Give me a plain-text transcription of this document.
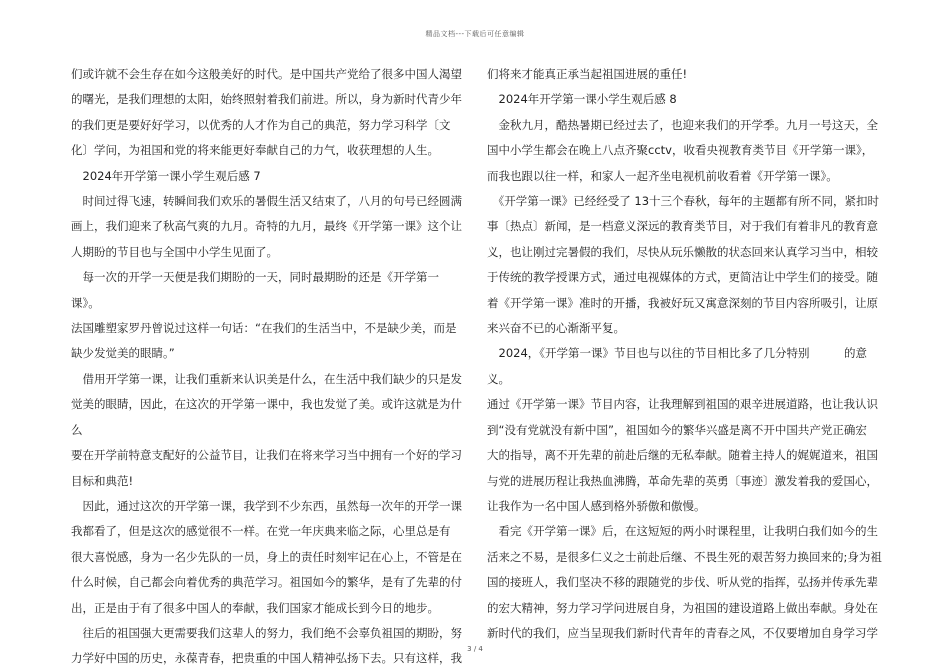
精品文档---下载后可任意编辑

们或许就不会生存在如今这般美好的时代。是中国共产党给了很多中国人渴望

的曙光，是我们理想的太阳，始终照射着我们前进。所以，身为新时代青少年

的我们更是要好好学习，以优秀的人才作为自己的典范，努力学习科学〔文

化〕学问，为祖国和党的将来能更好奉献自己的力气，收获理想的人生。

　2024年开学第一课小学生观后感 7

　时间过得飞速，转瞬间我们欢乐的暑假生活又结束了，八月的句号已经圆满

画上，我们迎来了秋高气爽的九月。奇特的九月，最终《开学第一课》这个让

人期盼的节目也与全国中小学生见面了。

　每一次的开学一天便是我们期盼的一天，同时最期盼的还是《开学第一课》。

法国雕塑家罗丹曾说过这样一句话：“在我们的生活当中，不是缺少美，而是

缺少发觉美的眼睛。”

　借用开学第一课，让我们重新来认识美是什么，在生活中我们缺少的只是发

觉美的眼睛，因此，在这次的开学第一课中，我也发觉了美。或许这就是为什么

要在开学前特意支配好的公益节目，让我们在将来学习当中拥有一个好的学习

目标和典范!

　因此，通过这次的开学第一课，我学到不少东西，虽然每一次年的开学一课

我都看了，但是这次的感觉很不一样。在党一年庆典来临之际，心里总是有

很大喜悦感，身为一名少先队的一员，身上的责任时刻牢记在心上，不管是在

什么时候，自己都会向着优秀的典范学习。祖国如今的繁华，是有了先辈的付

出，正是由于有了很多中国人的奉献，我们国家才能成长到今日的地步。

　往后的祖国强大更需要我们这辈人的努力，我们绝不会辜负祖国的期盼，努

力学好中国的历史，永葆青春，把贵重的中国人精神弘扬下去。只有这样，我

们将来才能真正承当起祖国进展的重任!

　2024年开学第一课小学生观后感 8

　金秋九月，酷热暑期已经过去了，也迎来我们的开学季。九月一号这天，全

国中小学生都会在晚上八点齐聚cctv，收看央视教育类节目《开学第一课》，

而我也跟以往一样，和家人一起齐坐电视机前收看着《开学第一课》。

　《开学第一课》已经经受了 13十三个春秋，每年的主题都有所不同，紧扣时

事〔热点〕新闻，是一档意义深远的教育类节目，对于我们有着非凡的教育意

义，也让刚过完暑假的我们，尽快从玩乐懒散的状态回来认真学习当中，相较

于传统的教学授课方式，通过电视媒体的方式，更简洁让中学生们的接受。随

着《开学第一课》准时的开播，我被好玩又寓意深刻的节目内容所吸引，让原

来兴奋不已的心渐渐平复。

　2024，《开学第一课》节目也与以往的节目相比多了几分特别　　　的意义。

通过《开学第一课》节目内容，让我理解到祖国的艰辛进展道路，也让我认识

到“没有党就没有新中国”，祖国如今的繁华兴盛是离不开中国共产党正确宏

大的指导，离不开先辈的前赴后继的无私奉献。随着主持人的娓娓道来，祖国

与党的进展历程让我热血沸腾，革命先辈的英勇〔事迹〕激发着我的爱国心，

让我作为一名中国人感到格外骄傲和傲慢。

　看完《开学第一课》后，在这短短的两小时课程里，让我明白我们如今的生

活来之不易，是很多仁义之士前赴后继、不畏生死的艰苦努力换回来的;身为祖

国的接班人，我们坚决不移的跟随党的步伐、听从党的指挥，弘扬并传承先辈

的宏大精神，努力学习学问进展自身，为祖国的建设道路上做出奉献。身处在

新时代的我们，应当呈现我们新时代青年的青春之风，不仅要增加自身学习学

3 / 4
